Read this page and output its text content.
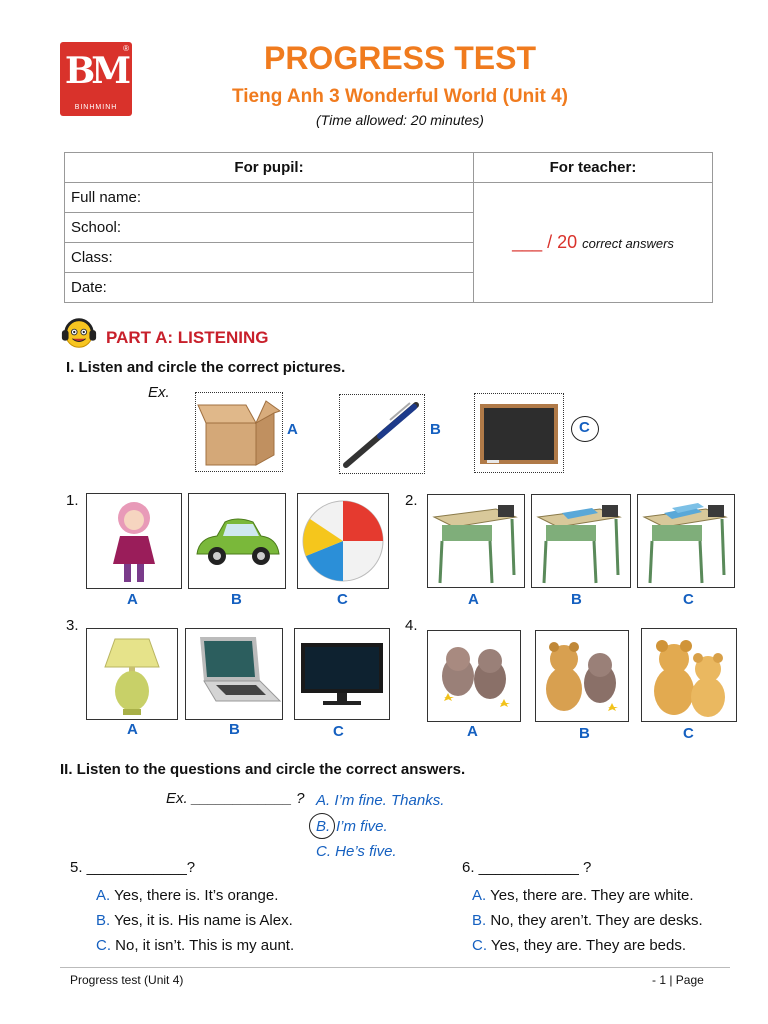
®
BM
BINHMINH
PROGRESS TEST
Tieng Anh 3 Wonderful World (Unit 4)
(Time allowed: 20 minutes)
For pupil:	For teacher:
Full name:	___ / 20 correct answers
School:	
Class:	
Date:	
PART A: LISTENING
I. Listen and circle the correct pictures.
Ex.
A	B	C
1.
A	B	C
2.
A	B	C
3.
A	B	C
4.
A	B	C
II. Listen to the questions and circle the correct answers.
Ex. ____________ ? A. I’m fine. Thanks.
B. I’m five.
C. He’s five.
5. ____________?
A. Yes, there is. It’s orange.
B. Yes, it is. His name is Alex.
C. No, it isn’t. This is my aunt.
6. ____________ ?
A. Yes, there are. They are white.
B. No, they aren’t. They are desks.
C. Yes, they are. They are beds.
Progress test (Unit 4)	- 1 | Page
